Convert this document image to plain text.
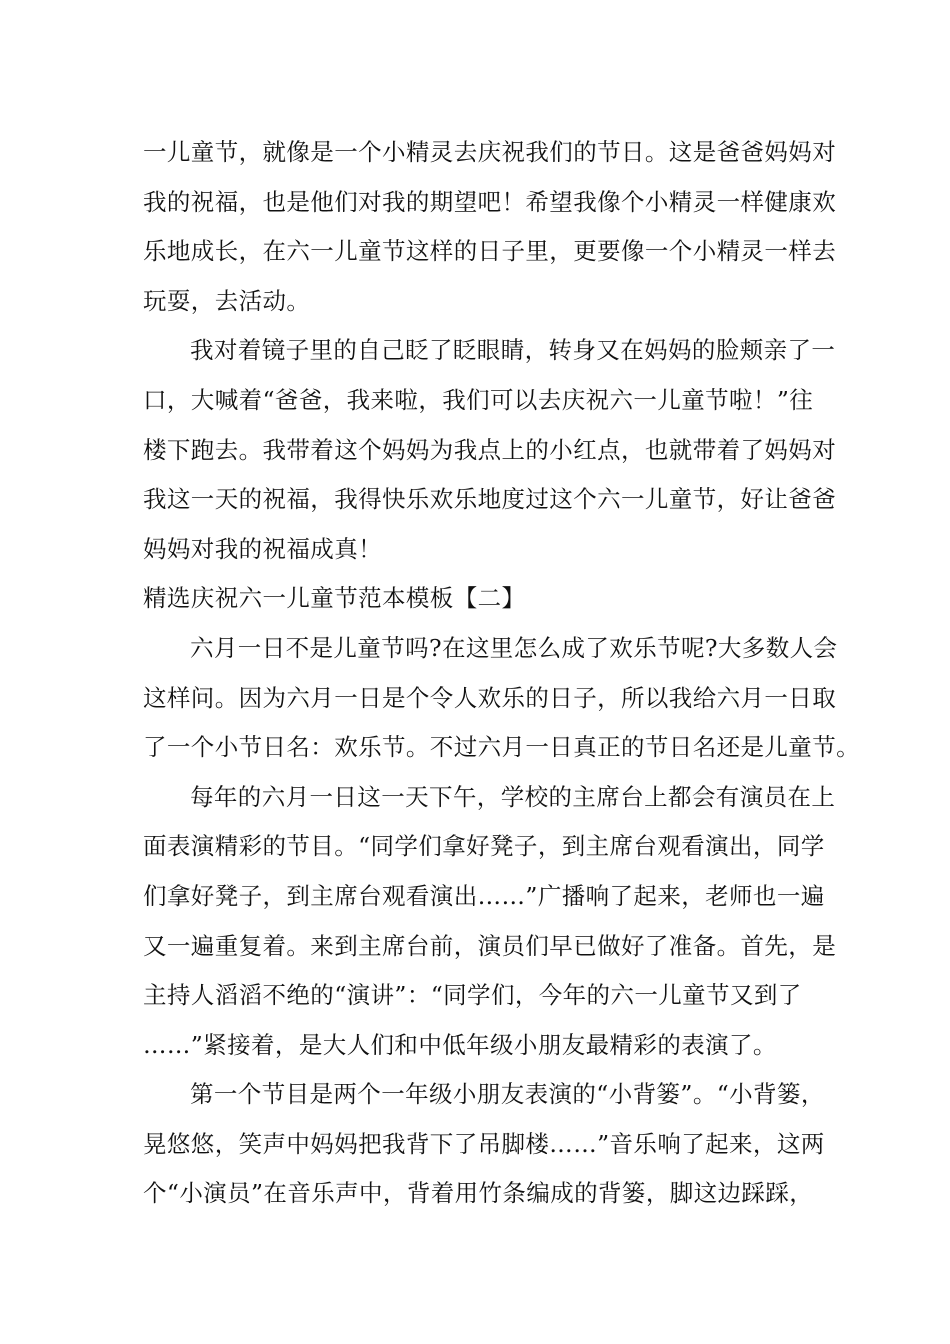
一儿童节，就像是一个小精灵去庆祝我们的节日。这是爸爸妈妈对
我的祝福，也是他们对我的期望吧！希望我像个小精灵一样健康欢
乐地成长，在六一儿童节这样的日子里，更要像一个小精灵一样去
玩耍，去活动。
我对着镜子里的自己眨了眨眼睛，转身又在妈妈的脸颊亲了一
口，大喊着“爸爸，我来啦，我们可以去庆祝六一儿童节啦！”往
楼下跑去。我带着这个妈妈为我点上的小红点，也就带着了妈妈对
我这一天的祝福，我得快乐欢乐地度过这个六一儿童节，好让爸爸
妈妈对我的祝福成真！
精选庆祝六一儿童节范本模板【二】
六月一日不是儿童节吗?在这里怎么成了欢乐节呢?大多数人会
这样问。因为六月一日是个令人欢乐的日子，所以我给六月一日取
了一个小节日名：欢乐节。不过六月一日真正的节日名还是儿童节。
每年的六月一日这一天下午，学校的主席台上都会有演员在上
面表演精彩的节目。“同学们拿好凳子，到主席台观看演出，同学
们拿好凳子，到主席台观看演出……”广播响了起来，老师也一遍
又一遍重复着。来到主席台前，演员们早已做好了准备。首先，是
主持人滔滔不绝的“演讲”：“同学们，今年的六一儿童节又到了
……”紧接着，是大人们和中低年级小朋友最精彩的表演了。
第一个节目是两个一年级小朋友表演的“小背篓”。“小背篓，
晃悠悠，笑声中妈妈把我背下了吊脚楼……”音乐响了起来，这两
个“小演员”在音乐声中，背着用竹条编成的背篓，脚这边踩踩，
